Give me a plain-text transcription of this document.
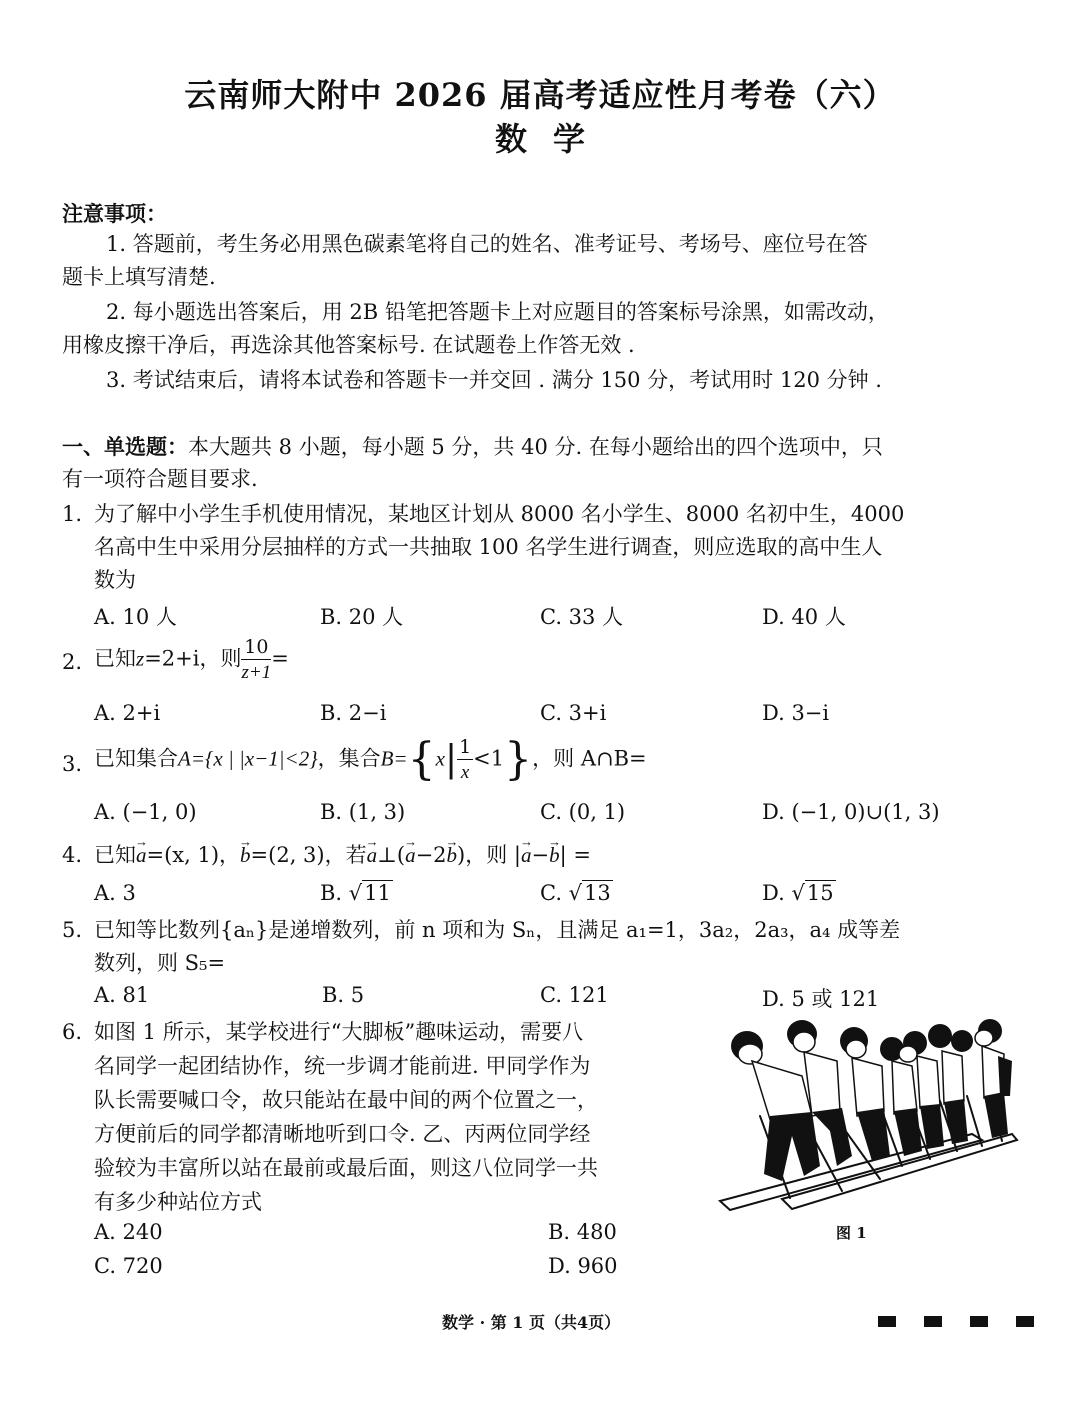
云南师大附中 2026 届高考适应性月考卷（六）
数学
注意事项：
1. 答题前，考生务必用黑色碳素笔将自己的姓名、准考证号、考场号、座位号在答
题卡上填写清楚.
2. 每小题选出答案后，用 2B 铅笔把答题卡上对应题目的答案标号涂黑，如需改动，
用橡皮擦干净后，再选涂其他答案标号. 在试题卷上作答无效 .
3. 考试结束后，请将本试卷和答题卡一并交回 . 满分 150 分，考试用时 120 分钟 .
一、单选题：本大题共 8 小题，每小题 5 分，共 40 分. 在每小题给出的四个选项中，只
有一项符合题目要求.
1. 为了解中小学生手机使用情况，某地区计划从 8000 名小学生、8000 名初中生，4000
名高中生中采用分层抽样的方式一共抽取 100 名学生进行调查，则应选取的高中生人
数为
A. 10 人	B. 20 人	C. 33 人	D. 40 人
2. 已知z=2+i，则 $\frac{10}{z+1}$ =
A. 2+i	B. 2−i	C. 3+i	D. 3−i
3. 已知集合A={x | |x−1|<2}，集合$B=\{x| \frac{1}{x} <1\}$，则 A∩B=
A. (−1, 0)	B. (1, 3)	C. (0, 1)	D. (−1, 0)∪(1, 3)
4. 已知→ a=(x, 1)，→ b=(2, 3)，若→ a⊥(→ a−2→ b)，则 |→ a−→ b| =
A. 3	B. √11	C. √13	D. √15
5. 已知等比数列{aₙ}是递增数列，前 n 项和为 Sₙ，且满足 a₁=1，3a₂，2a₃，a₄ 成等差
数列，则 S₅=
A. 81	B. 5	C. 121	D. 5 或 121
6. 如图 1 所示，某学校进行“大脚板”趣味运动，需要八
名同学一起团结协作，统一步调才能前进. 甲同学作为
队长需要喊口令，故只能站在最中间的两个位置之一，
方便前后的同学都清晰地听到口令. 乙、丙两位同学经
验较为丰富所以站在最前或最后面，则这八位同学一共
有多少种站位方式
A. 240	B. 480
C. 720	D. 960
图 1
数学 · 第 1 页（共4页）
